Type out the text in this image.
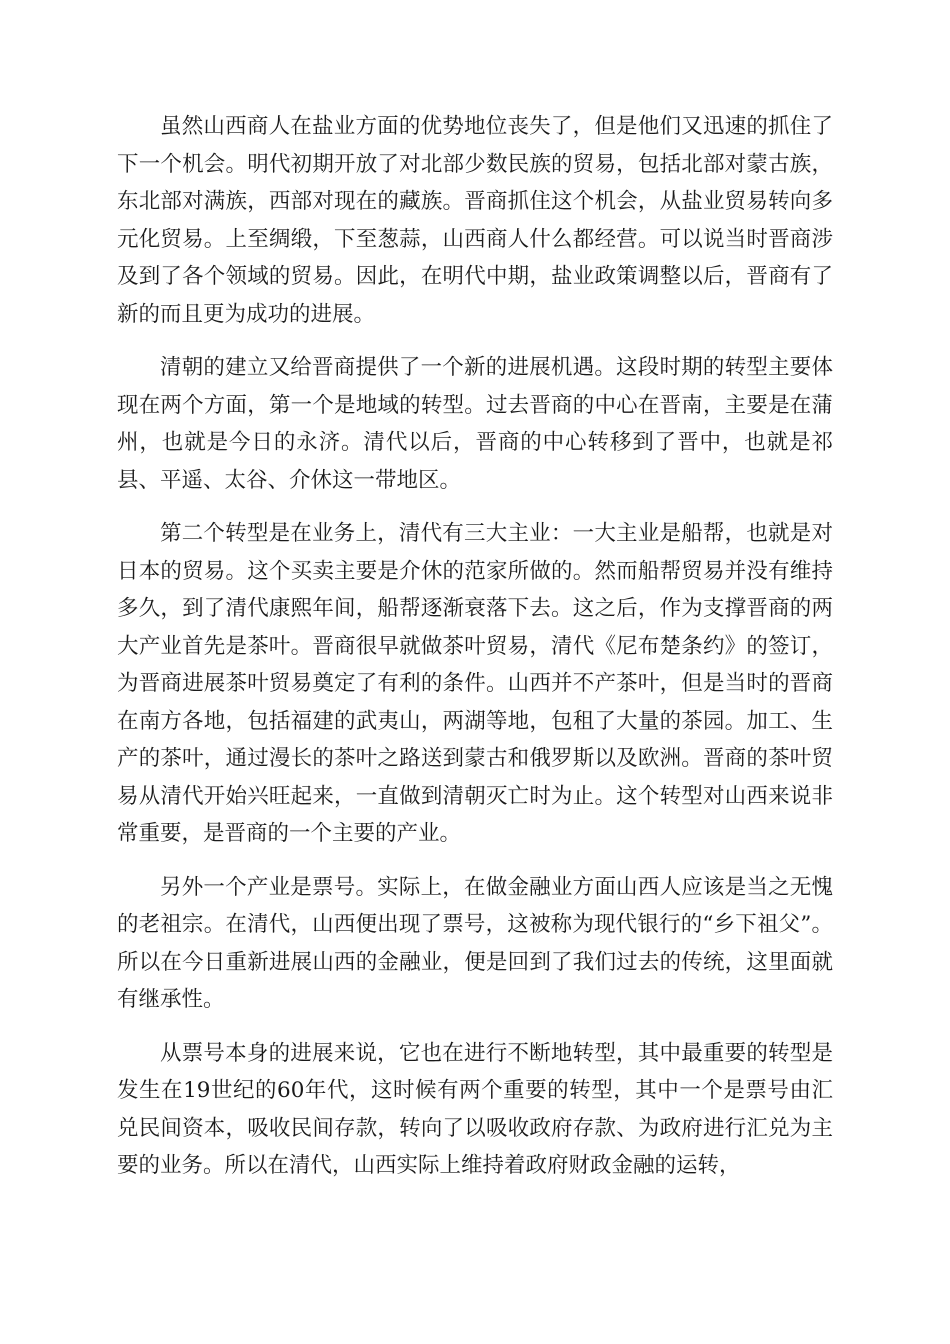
虽然山西商人在盐业方面的优势地位丧失了，但是他们又迅速的抓住了下一个机会。明代初期开放了对北部少数民族的贸易，包括北部对蒙古族，东北部对满族，西部对现在的藏族。晋商抓住这个机会，从盐业贸易转向多元化贸易。上至绸缎，下至葱蒜，山西商人什么都经营。可以说当时晋商涉及到了各个领域的贸易。因此，在明代中期，盐业政策调整以后，晋商有了新的而且更为成功的进展。

清朝的建立又给晋商提供了一个新的进展机遇。这段时期的转型主要体现在两个方面，第一个是地域的转型。过去晋商的中心在晋南，主要是在蒲州，也就是今日的永济。清代以后，晋商的中心转移到了晋中，也就是祁县、平遥、太谷、介休这一带地区。

第二个转型是在业务上，清代有三大主业：一大主业是船帮，也就是对日本的贸易。这个买卖主要是介休的范家所做的。然而船帮贸易并没有维持多久，到了清代康熙年间，船帮逐渐衰落下去。这之后，作为支撑晋商的两大产业首先是茶叶。晋商很早就做茶叶贸易，清代《尼布楚条约》的签订，为晋商进展茶叶贸易奠定了有利的条件。山西并不产茶叶，但是当时的晋商在南方各地，包括福建的武夷山，两湖等地，包租了大量的茶园。加工、生产的茶叶，通过漫长的茶叶之路送到蒙古和俄罗斯以及欧洲。晋商的茶叶贸易从清代开始兴旺起来，一直做到清朝灭亡时为止。这个转型对山西来说非常重要，是晋商的一个主要的产业。

另外一个产业是票号。实际上，在做金融业方面山西人应该是当之无愧的老祖宗。在清代，山西便出现了票号，这被称为现代银行的“乡下祖父”。所以在今日重新进展山西的金融业，便是回到了我们过去的传统，这里面就有继承性。

从票号本身的进展来说，它也在进行不断地转型，其中最重要的转型是发生在19世纪的60年代，这时候有两个重要的转型，其中一个是票号由汇兑民间资本，吸收民间存款，转向了以吸收政府存款、为政府进行汇兑为主要的业务。所以在清代，山西实际上维持着政府财政金融的运转，
